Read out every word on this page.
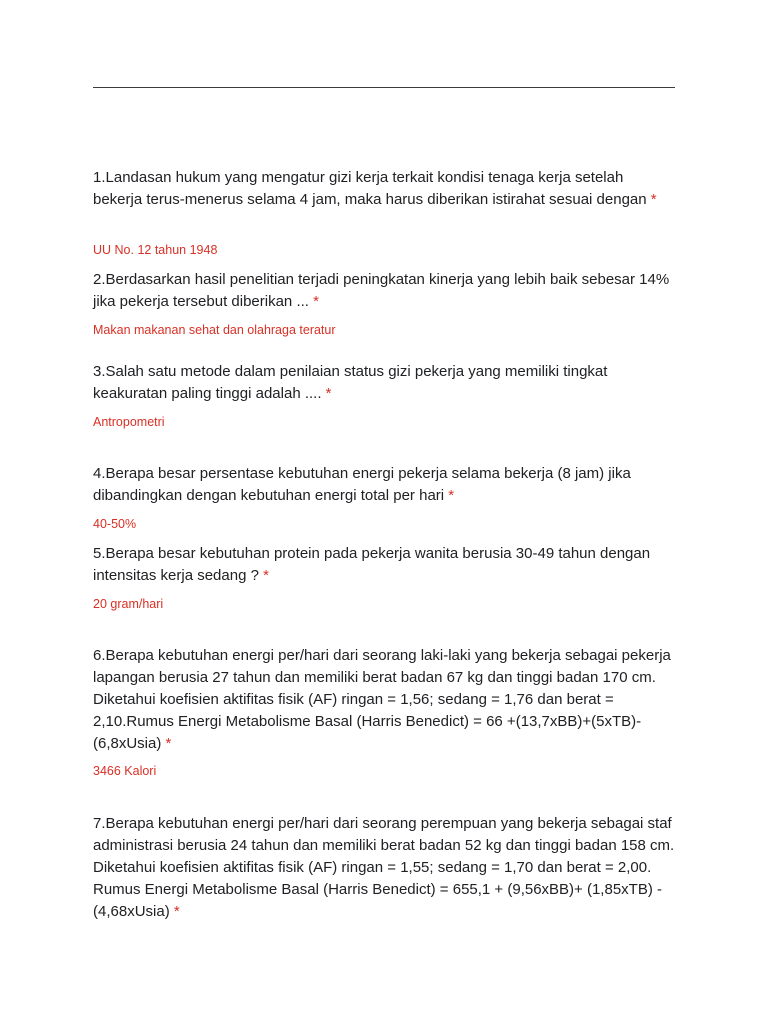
1.Landasan hukum yang mengatur gizi kerja terkait kondisi tenaga kerja setelah bekerja terus-menerus selama 4 jam, maka harus diberikan istirahat sesuai dengan *
UU No. 12 tahun 1948
2.Berdasarkan hasil penelitian terjadi peningkatan kinerja yang lebih baik sebesar 14% jika pekerja tersebut diberikan ... *
Makan makanan sehat dan olahraga teratur
3.Salah satu metode dalam penilaian status gizi pekerja yang memiliki tingkat keakuratan paling tinggi adalah .... *
Antropometri
4.Berapa besar persentase kebutuhan energi pekerja selama bekerja (8 jam) jika dibandingkan dengan kebutuhan energi total per hari *
40-50%
5.Berapa besar kebutuhan protein pada pekerja wanita berusia 30-49 tahun dengan intensitas kerja sedang ? *
20 gram/hari
6.Berapa kebutuhan energi per/hari dari seorang laki-laki yang bekerja sebagai pekerja lapangan berusia 27 tahun dan memiliki berat badan 67 kg dan tinggi badan 170 cm. Diketahui koefisien aktifitas fisik (AF) ringan = 1,56; sedang = 1,76 dan berat = 2,10.Rumus Energi Metabolisme Basal (Harris Benedict) = 66 +(13,7xBB)+(5xTB)-(6,8xUsia) *
3466 Kalori
7.Berapa kebutuhan energi per/hari dari seorang perempuan yang bekerja sebagai staf administrasi berusia 24 tahun dan memiliki berat badan 52 kg dan tinggi badan 158 cm. Diketahui koefisien aktifitas fisik (AF) ringan = 1,55; sedang = 1,70 dan berat = 2,00. Rumus Energi Metabolisme Basal (Harris Benedict) = 655,1 + (9,56xBB)+ (1,85xTB) - (4,68xUsia) *
